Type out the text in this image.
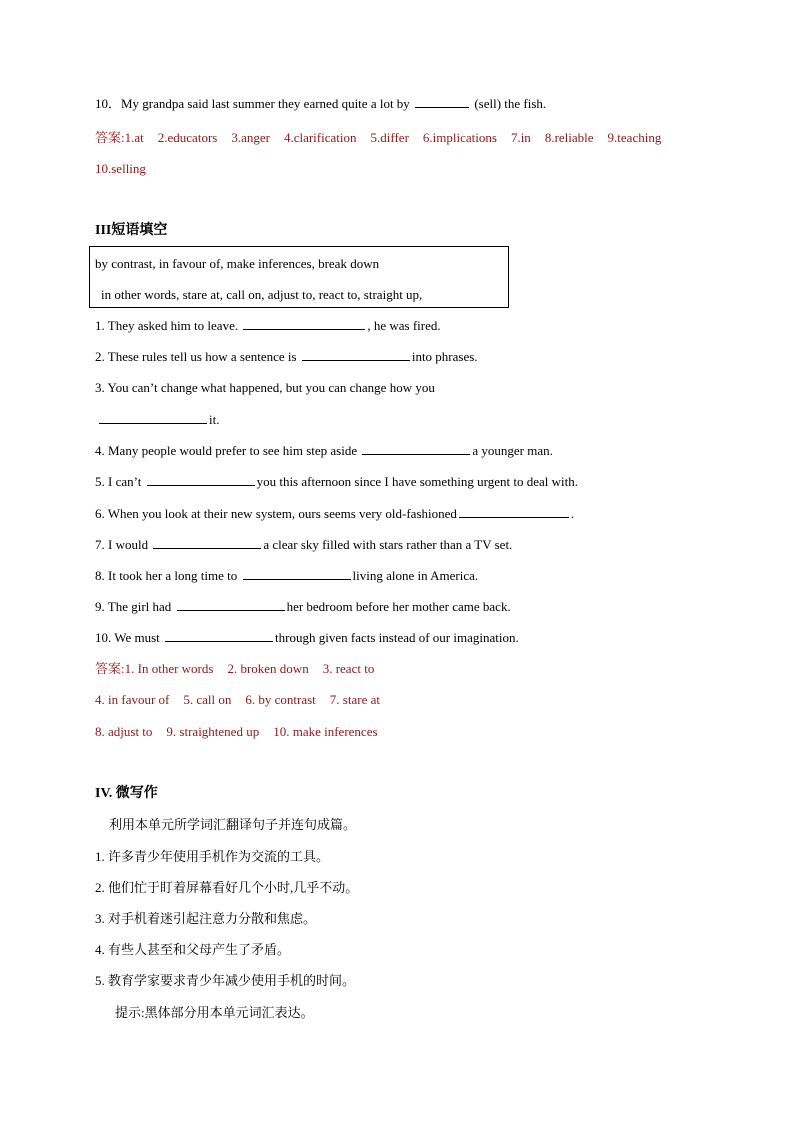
10．My grandpa said last summer they earned quite a lot by	(sell) the fish.

答案:1.at 2.educators 3.anger 4.clarification 5.differ 6.implications 7.in 8.reliable 9.teaching

10.selling

III短语填空

by contrast, in favour of, make inferences, break down

in other words, stare at, call on, adjust to, react to, straight up,

1. They asked him to leave.	, he was fired.

2. These rules tell us how a sentence is	into phrases.

3. You can’t change what happened, but you can change how you

it.

4. Many people would prefer to see him step aside	a younger man.

5. I can’t	you this afternoon since I have something urgent to deal with.

6. When you look at their new system, ours seems very old-fashioned	.

7. I would	a clear sky filled with stars rather than a TV set.

8. It took her a long time to	living alone in America.

9. The girl had	her bedroom before her mother came back.

10. We must	through given facts instead of our imagination.

答案:1. In other words 2. broken down 3. react to

4. in favour of 5. call on 6. by contrast 7. stare at

8. adjust to 9. straightened up 10. make inferences

IV. 微写作

利用本单元所学词汇翻译句子并连句成篇。

1. 许多青少年使用手机作为交流的工具。

2. 他们忙于盯着屏幕看好几个小时,几乎不动。

3. 对手机着迷引起注意力分散和焦虑。

4. 有些人甚至和父母产生了矛盾。

5. 教育学家要求青少年减少使用手机的时间。

提示:黑体部分用本单元词汇表达。
